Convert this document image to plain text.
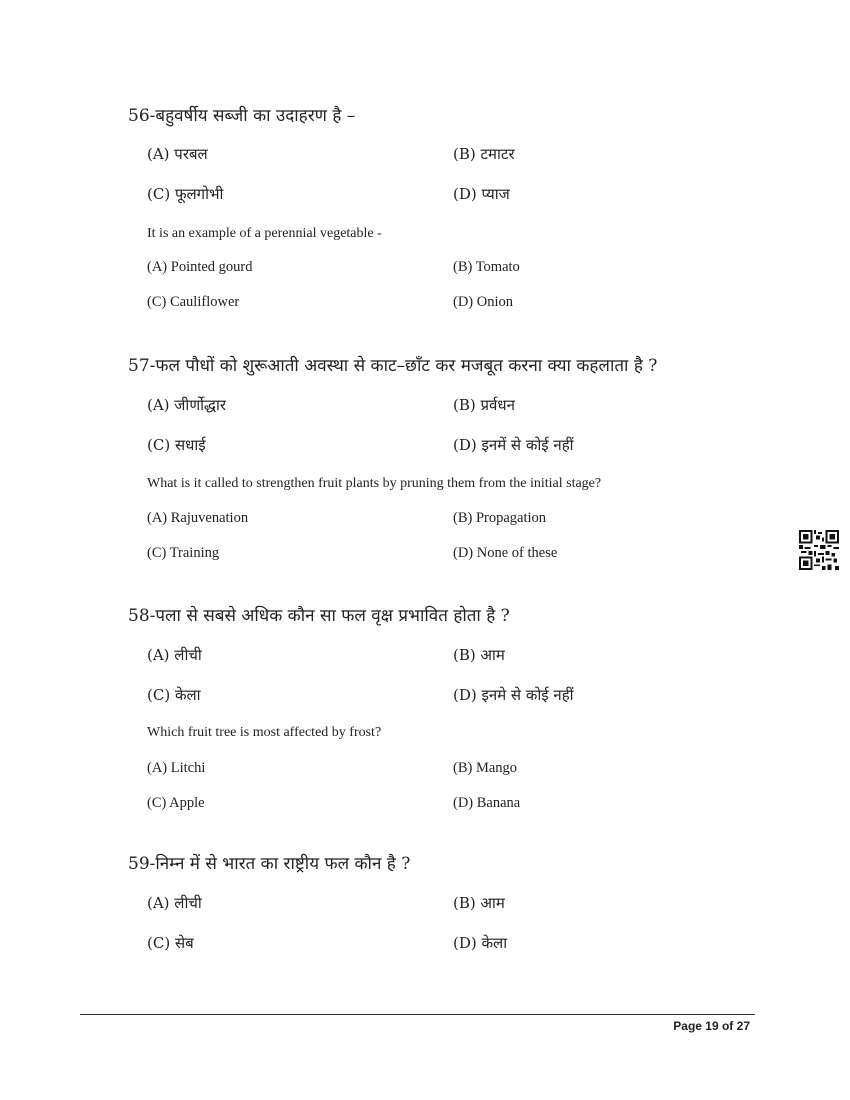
56-बहुवर्षीय सब्जी का उदाहरण है –
(A) परबल	(B) टमाटर
(C) फूलगोभी	(D) प्याज
It is an example of a perennial vegetable -
(A) Pointed gourd	(B) Tomato
(C) Cauliflower	(D) Onion
57-फल पौधों को शुरूआती अवस्था से काट–छाँट कर मजबूत करना क्या कहलाता है ?
(A) जीर्णोद्धार	(B) प्रर्वधन
(C) सधाई	(D) इनमें से कोई नहीं
What is it called to strengthen fruit plants by pruning them from the initial stage?
(A) Rajuvenation	(B) Propagation
(C) Training	(D) None of these
58-पला से सबसे अधिक कौन सा फल वृक्ष प्रभावित होता है ?
(A) लीची	(B) आम
(C) केला	(D) इनमे से कोई नहीं
Which fruit tree is most affected by frost?
(A) Litchi	(B) Mango
(C) Apple	(D) Banana
59-निम्न में से भारत का राष्ट्रीय फल कौन है ?
(A) लीची	(B) आम
(C) सेब	(D) केला
Page 19 of 27
